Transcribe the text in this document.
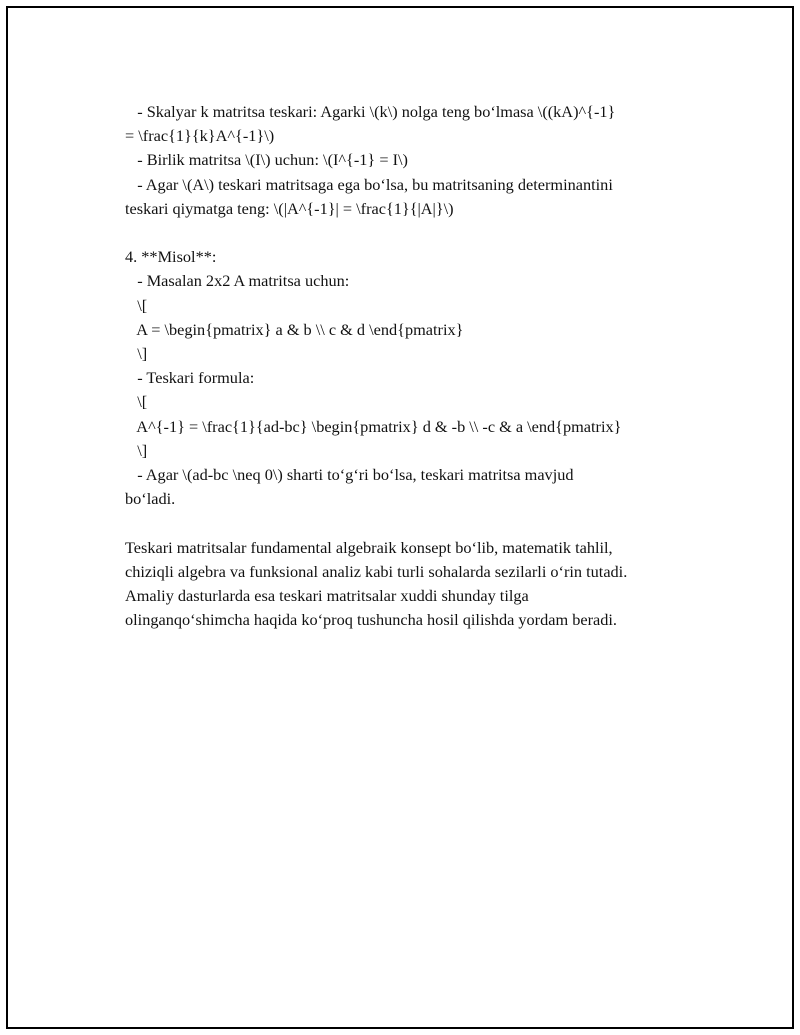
- Skalyar k matritsa teskari: Agarki \(k\) nolga teng bo‘lmasa \((kA)^{-1}
= \frac{1}{k}A^{-1}\)
- Birlik matritsa \(I\) uchun: \(I^{-1} = I\)
- Agar \(A\) teskari matritsaga ega bo‘lsa, bu matritsaning determinantini
teskari qiymatga teng: \(|A^{-1}| = \frac{1}{|A|}\)
4. **Misol**:
- Masalan 2x2 A matritsa uchun:
\[
A = \begin{pmatrix} a & b \\ c & d \end{pmatrix}
\]
- Teskari formula:
\[
A^{-1} = \frac{1}{ad-bc} \begin{pmatrix} d & -b \\ -c & a \end{pmatrix}
\]
- Agar \(ad-bc \neq 0\) sharti to‘g‘ri bo‘lsa, teskari matritsa mavjud
bo‘ladi.
Teskari matritsalar fundamental algebraik konsept bo‘lib, matematik tahlil,
chiziqli algebra va funksional analiz kabi turli sohalarda sezilarli o‘rin tutadi.
Amaliy dasturlarda esa teskari matritsalar xuddi shunday tilga
olinganqo‘shimcha haqida ko‘proq tushuncha hosil qilishda yordam beradi.
